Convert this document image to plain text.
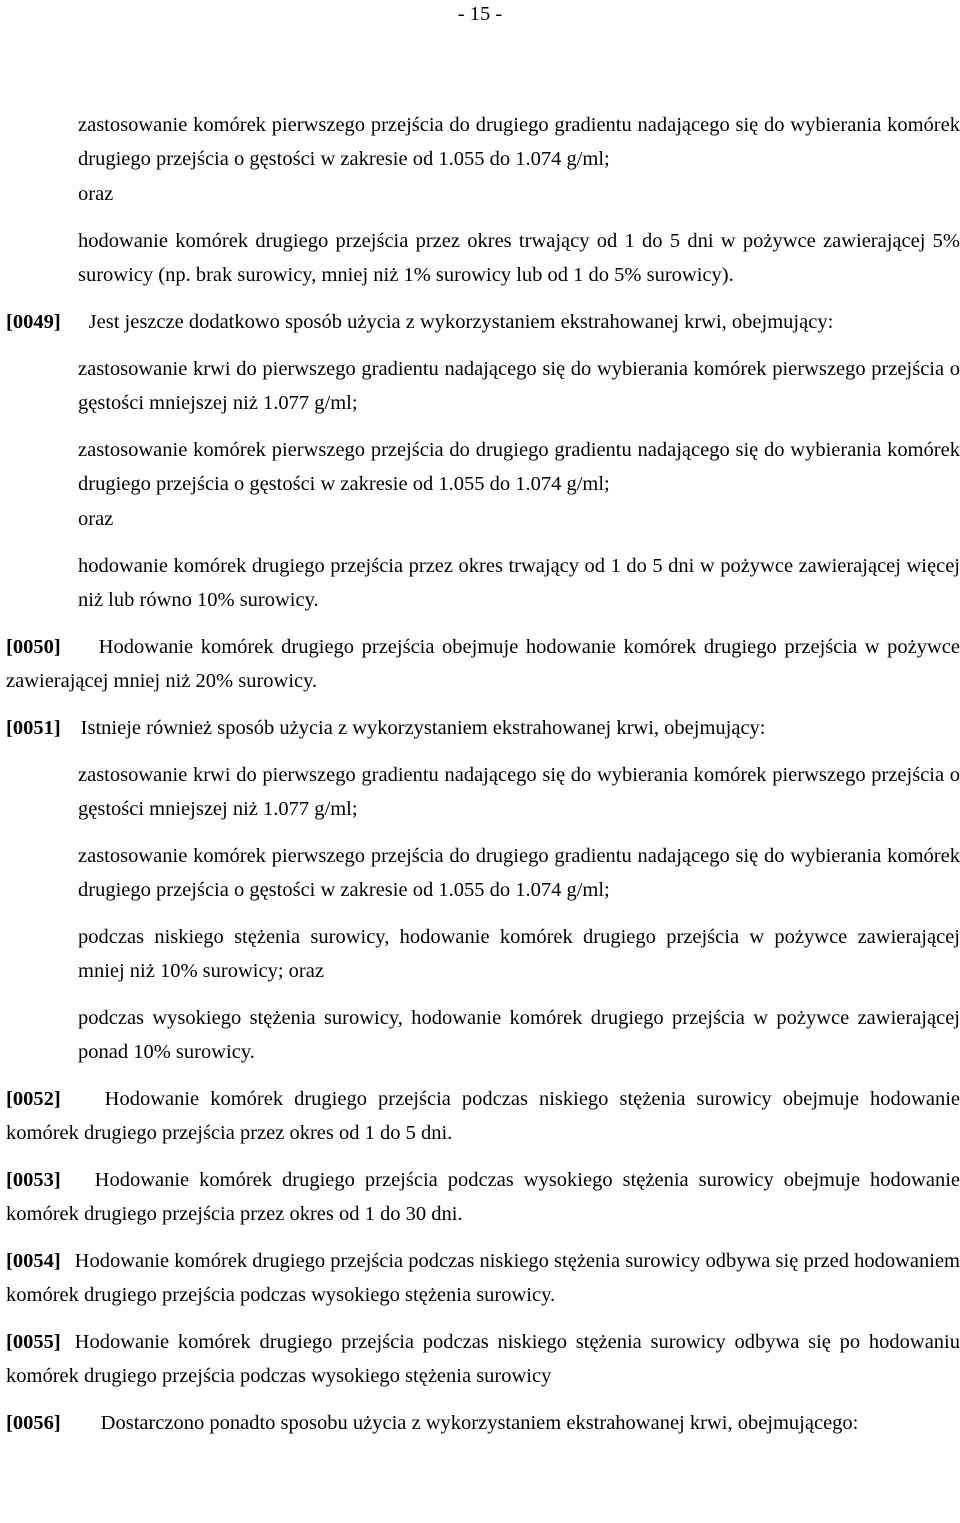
- 15 -
zastosowanie komórek pierwszego przejścia do drugiego gradientu nadającego się do wybierania komórek drugiego przejścia o gęstości w zakresie od 1.055 do 1.074 g/ml;
oraz
hodowanie komórek drugiego przejścia przez okres trwający od 1 do 5 dni w pożywce zawierającej 5% surowicy (np. brak surowicy, mniej niż 1% surowicy lub od 1 do 5% surowicy).
[0049] Jest jeszcze dodatkowo sposób użycia z wykorzystaniem ekstrahowanej krwi, obejmujący:
zastosowanie krwi do pierwszego gradientu nadającego się do wybierania komórek pierwszego przejścia o gęstości mniejszej niż 1.077 g/ml;
zastosowanie komórek pierwszego przejścia do drugiego gradientu nadającego się do wybierania komórek drugiego przejścia o gęstości w zakresie od 1.055 do 1.074 g/ml;
oraz
hodowanie komórek drugiego przejścia przez okres trwający od 1 do 5 dni w pożywce zawierającej więcej niż lub równo 10% surowicy.
[0050] Hodowanie komórek drugiego przejścia obejmuje hodowanie komórek drugiego przejścia w pożywce zawierającej mniej niż 20% surowicy.
[0051] Istnieje również sposób użycia z wykorzystaniem ekstrahowanej krwi, obejmujący:
zastosowanie krwi do pierwszego gradientu nadającego się do wybierania komórek pierwszego przejścia o gęstości mniejszej niż 1.077 g/ml;
zastosowanie komórek pierwszego przejścia do drugiego gradientu nadającego się do wybierania komórek drugiego przejścia o gęstości w zakresie od 1.055 do 1.074 g/ml;
podczas niskiego stężenia surowicy, hodowanie komórek drugiego przejścia w pożywce zawierającej mniej niż 10% surowicy; oraz
podczas wysokiego stężenia surowicy, hodowanie komórek drugiego przejścia w pożywce zawierającej ponad 10% surowicy.
[0052] Hodowanie komórek drugiego przejścia podczas niskiego stężenia surowicy obejmuje hodowanie komórek drugiego przejścia przez okres od 1 do 5 dni.
[0053] Hodowanie komórek drugiego przejścia podczas wysokiego stężenia surowicy obejmuje hodowanie komórek drugiego przejścia przez okres od 1 do 30 dni.
[0054] Hodowanie komórek drugiego przejścia podczas niskiego stężenia surowicy odbywa się przed hodowaniem komórek drugiego przejścia podczas wysokiego stężenia surowicy.
[0055] Hodowanie komórek drugiego przejścia podczas niskiego stężenia surowicy odbywa się po hodowaniu komórek drugiego przejścia podczas wysokiego stężenia surowicy
[0056] Dostarczono ponadto sposobu użycia z wykorzystaniem ekstrahowanej krwi, obejmującego:
